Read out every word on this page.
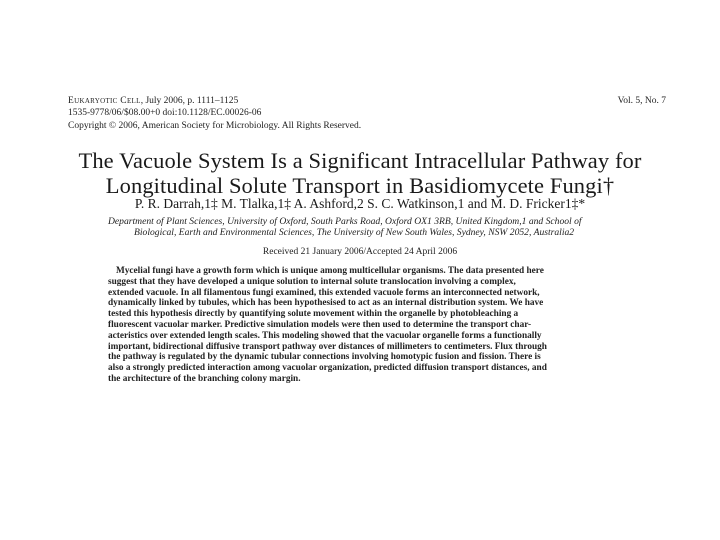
Eukaryotic Cell, July 2006, p. 1111–1125
1535-9778/06/$08.00+0 doi:10.1128/EC.00026-06
Copyright © 2006, American Society for Microbiology. All Rights Reserved.
Vol. 5, No. 7
The Vacuole System Is a Significant Intracellular Pathway for
Longitudinal Solute Transport in Basidiomycete Fungi†
P. R. Darrah,1‡ M. Tlalka,1‡ A. Ashford,2 S. C. Watkinson,1 and M. D. Fricker1‡*
Department of Plant Sciences, University of Oxford, South Parks Road, Oxford OX1 3RB, United Kingdom,1 and School of
Biological, Earth and Environmental Sciences, The University of New South Wales, Sydney, NSW 2052, Australia2
Received 21 January 2006/Accepted 24 April 2006
Mycelial fungi have a growth form which is unique among multicellular organisms. The data presented here
suggest that they have developed a unique solution to internal solute translocation involving a complex,
extended vacuole. In all filamentous fungi examined, this extended vacuole forms an interconnected network,
dynamically linked by tubules, which has been hypothesised to act as an internal distribution system. We have
tested this hypothesis directly by quantifying solute movement within the organelle by photobleaching a
fluorescent vacuolar marker. Predictive simulation models were then used to determine the transport char-
acteristics over extended length scales. This modeling showed that the vacuolar organelle forms a functionally
important, bidirectional diffusive transport pathway over distances of millimeters to centimeters. Flux through
the pathway is regulated by the dynamic tubular connections involving homotypic fusion and fission. There is
also a strongly predicted interaction among vacuolar organization, predicted diffusion transport distances, and
the architecture of the branching colony margin.
